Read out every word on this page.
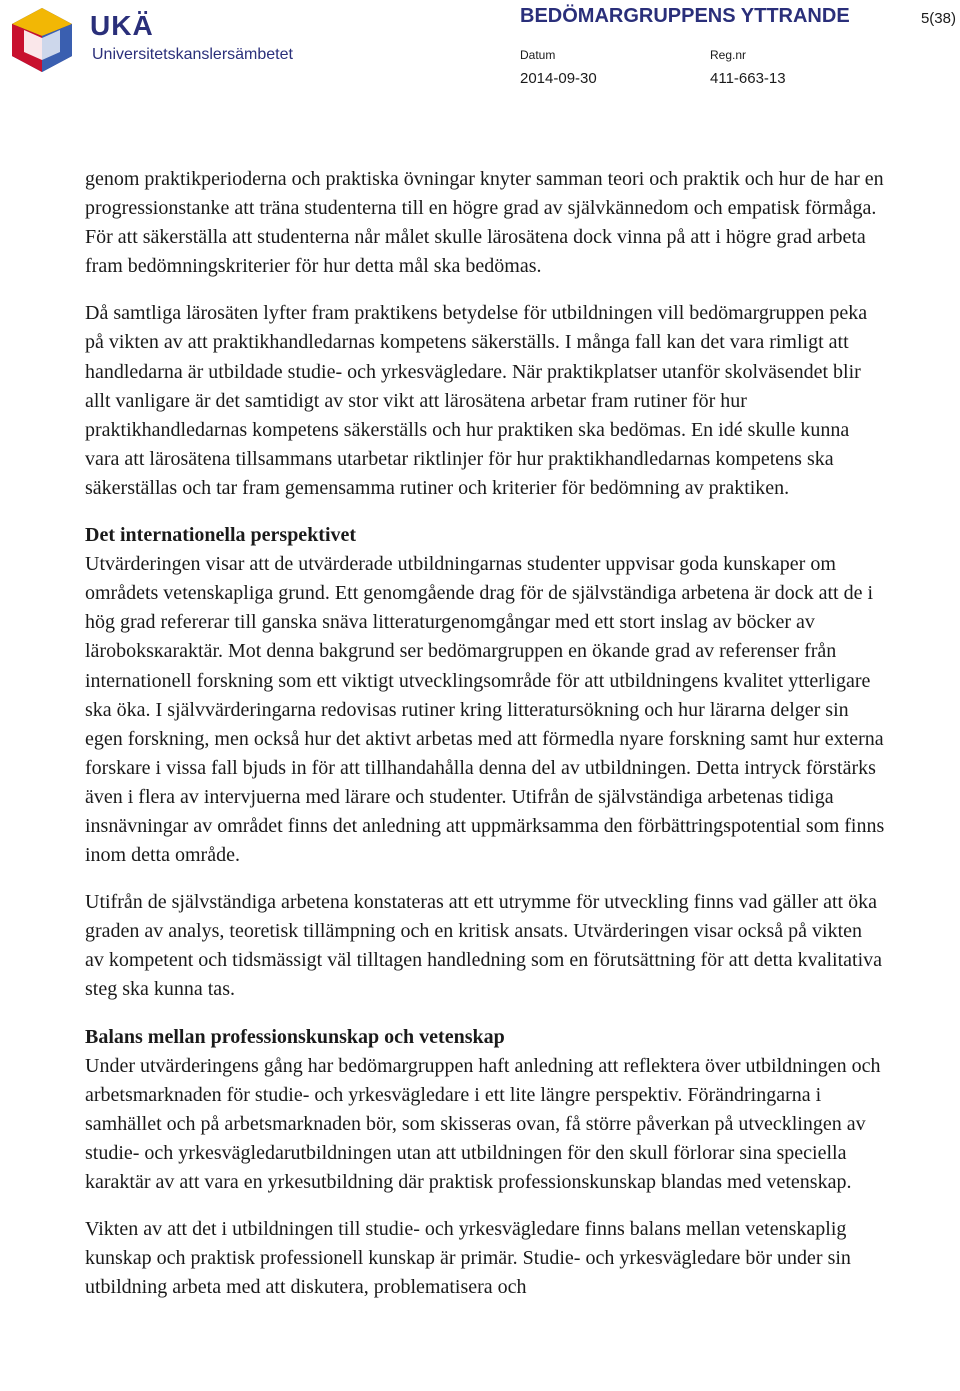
UKÄ
Universitetskanslersämbetet
BEDÖMARGRUPPENS YTTRANDE	5(38)
Datum
2014-09-30
Reg.nr
411-663-13

genom praktikperioderna och praktiska övningar knyter samman teori och praktik och hur de har en progressionstanke att träna studenterna till en högre grad av självkännedom och empatisk förmåga. För att säkerställa att studenterna når målet skulle lärosätena dock vinna på att i högre grad arbeta fram bedömningskriterier för hur detta mål ska bedömas.

Då samtliga lärosäten lyfter fram praktikens betydelse för utbildningen vill bedömargruppen peka på vikten av att praktikhandledarnas kompetens säkerställs. I många fall kan det vara rimligt att handledarna är utbildade studie- och yrkesvägledare. När praktikplatser utanför skolväsendet blir allt vanligare är det samtidigt av stor vikt att lärosätena arbetar fram rutiner för hur praktikhandledarnas kompetens säkerställs och hur praktiken ska bedömas. En idé skulle kunna vara att lärosätena tillsammans utarbetar riktlinjer för hur praktikhandledarnas kompetens ska säkerställas och tar fram gemensamma rutiner och kriterier för bedömning av praktiken.

Det internationella perspektivet

Utvärderingen visar att de utvärderade utbildningarnas studenter uppvisar goda kunskaper om områdets vetenskapliga grund. Ett genomgående drag för de självständiga arbetena är dock att de i hög grad refererar till ganska snäva litteraturgenomgångar med ett stort inslag av böcker av läroboksкaraktär. Mot denna bakgrund ser bedömargruppen en ökande grad av referenser från internationell forskning som ett viktigt utvecklingsområde för att utbildningens kvalitet ytterligare ska öka. I självvärderingarna redovisas rutiner kring litteratursökning och hur lärarna delger sin egen forskning, men också hur det aktivt arbetas med att förmedla nyare forskning samt hur externa forskare i vissa fall bjuds in för att tillhandahålla denna del av utbildningen. Detta intryck förstärks även i flera av intervjuerna med lärare och studenter. Utifrån de självständiga arbetenas tidiga insnävningar av området finns det anledning att uppmärksamma den förbättringspotential som finns inom detta område.

Utifrån de självständiga arbetena konstateras att ett utrymme för utveckling finns vad gäller att öka graden av analys, teoretisk tillämpning och en kritisk ansats. Utvärderingen visar också på vikten av kompetent och tidsmässigt väl tilltagen handledning som en förutsättning för att detta kvalitativa steg ska kunna tas.

Balans mellan professionskunskap och vetenskap

Under utvärderingens gång har bedömargruppen haft anledning att reflektera över utbildningen och arbetsmarknaden för studie- och yrkesvägledare i ett lite längre perspektiv. Förändringarna i samhället och på arbetsmarknaden bör, som skisseras ovan, få större påverkan på utvecklingen av studie- och yrkesvägledarutbildningen utan att utbildningen för den skull förlorar sina speciella karaktär av att vara en yrkesutbildning där praktisk professionskunskap blandas med vetenskap.

Vikten av att det i utbildningen till studie- och yrkesvägledare finns balans mellan vetenskaplig kunskap och praktisk professionell kunskap är primär. Studie- och yrkesvägledare bör under sin utbildning arbeta med att diskutera, problematisera och
